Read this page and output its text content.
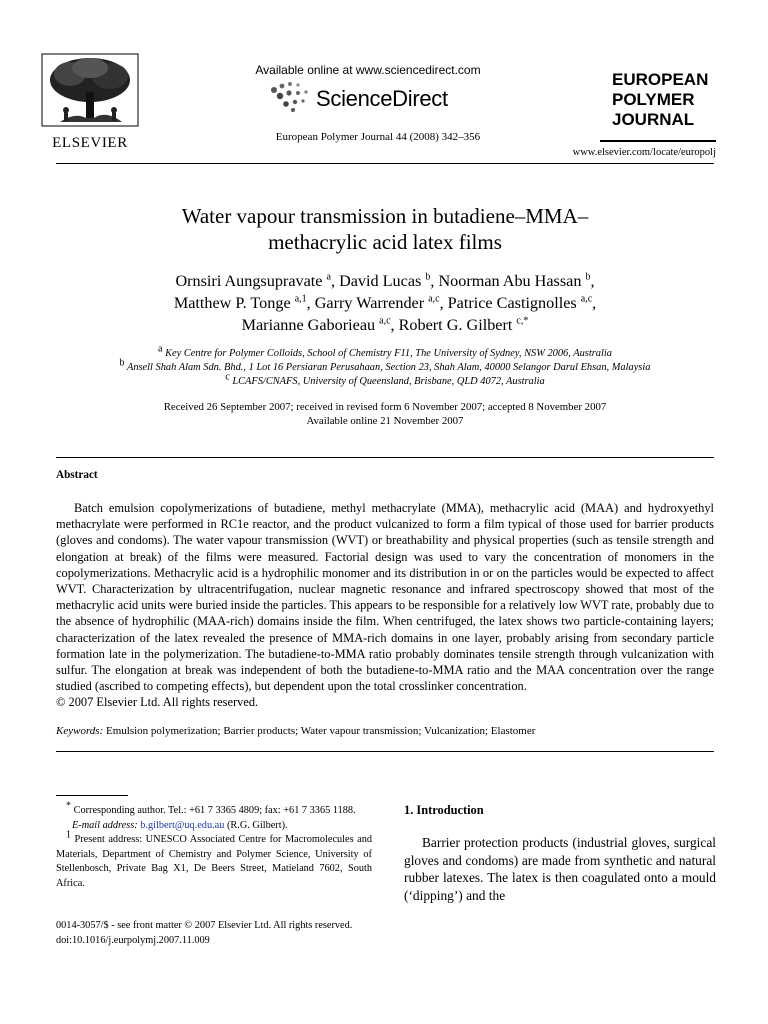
ELSEVIER
Available online at www.sciencedirect.com
ScienceDirect
European Polymer Journal 44 (2008) 342–356
EUROPEAN
POLYMER
JOURNAL
www.elsevier.com/locate/europolj
Water vapour transmission in butadiene–MMA–
methacrylic acid latex films
Ornsiri Aungsupravate $^a$, David Lucas $^b$, Noorman Abu Hassan $^b$,
Matthew P. Tonge $^{a,1}$, Garry Warrender $^{a,c}$, Patrice Castignolles $^{a,c}$,
Marianne Gaborieau $^{a,c}$, Robert G. Gilbert $^{c,*}$
$^a$ Key Centre for Polymer Colloids, School of Chemistry F11, The University of Sydney, NSW 2006, Australia
$^b$ Ansell Shah Alam Sdn. Bhd., 1 Lot 16 Persiaran Perusahaan, Section 23, Shah Alam, 40000 Selangor Darul Ehsan, Malaysia
$^c$ LCAFS/CNAFS, University of Queensland, Brisbane, QLD 4072, Australia
Received 26 September 2007; received in revised form 6 November 2007; accepted 8 November 2007
Available online 21 November 2007
Abstract
Batch emulsion copolymerizations of butadiene, methyl methacrylate (MMA), methacrylic acid (MAA) and hydroxyethyl methacrylate were performed in RC1e reactor, and the product vulcanized to form a film typical of those used for barrier products (gloves and condoms). The water vapour transmission (WVT) or breathability and physical properties (such as tensile strength and elongation at break) of the films were measured. Factorial design was used to vary the concentration of monomers in the copolymerizations. Methacrylic acid is a hydrophilic monomer and its distribution in or on the particles would be expected to affect WVT. Characterization by ultracentrifugation, nuclear magnetic resonance and infrared spectroscopy showed that most of the methacrylic acid units were buried inside the particles. This appears to be responsible for a relatively low WVT rate, probably due to the absence of hydrophilic (MAA-rich) domains inside the film. When centrifuged, the latex shows two particle-containing layers; characterization of the latex revealed the presence of MMA-rich domains in one layer, probably arising from secondary particle formation late in the polymerization. The butadiene-to-MMA ratio probably dominates tensile strength through vulcanization with sulfur. The elongation at break was independent of both the butadiene-to-MMA ratio and the MAA concentration over the range studied (ascribed to competing effects), but dependent upon the total crosslinker concentration.
© 2007 Elsevier Ltd. All rights reserved.
Keywords: Emulsion polymerization; Barrier products; Water vapour transmission; Vulcanization; Elastomer
* Corresponding author. Tel.: +61 7 3365 4809; fax: +61 7 3365 1188.
E-mail address: b.gilbert@uq.edu.au (R.G. Gilbert).
$^1$ Present address: UNESCO Associated Centre for Macromolecules and Materials, Department of Chemistry and Polymer Science, University of Stellenbosch, Private Bag X1, De Beers Street, Matieland 7602, South Africa.
0014-3057/$ - see front matter © 2007 Elsevier Ltd. All rights reserved.
doi:10.1016/j.eurpolymj.2007.11.009
1. Introduction
Barrier protection products (industrial gloves, surgical gloves and condoms) are made from synthetic and natural rubber latexes. The latex is then coagulated onto a mould (‘dipping’) and the
